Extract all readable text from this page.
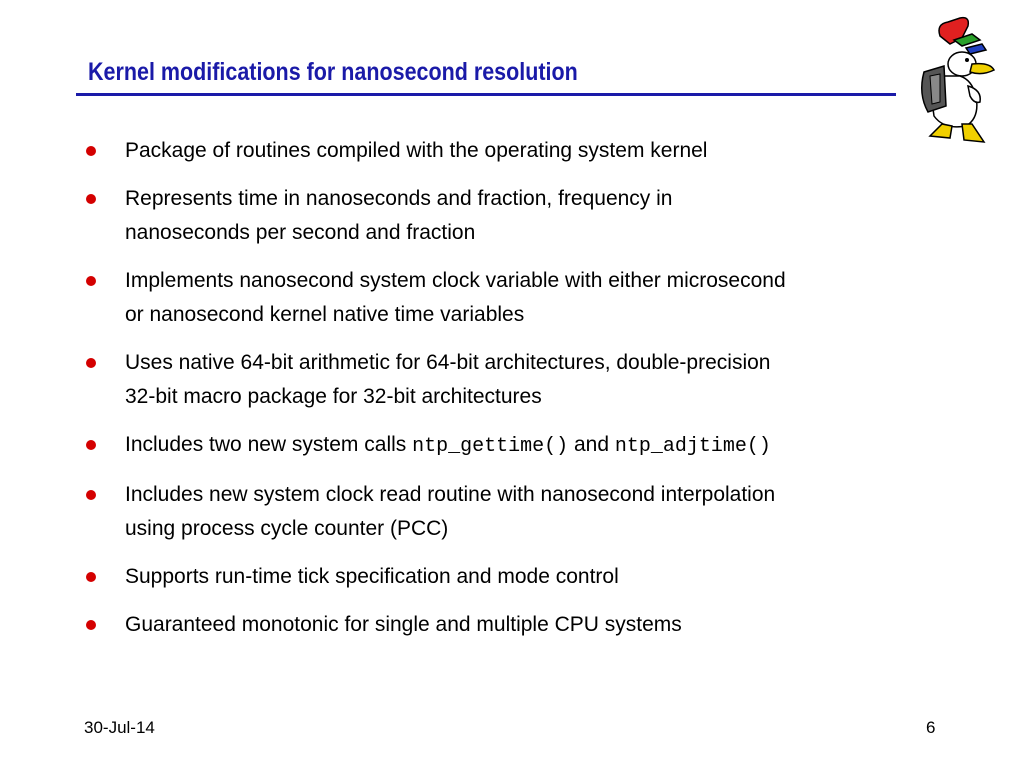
Kernel modifications for nanosecond resolution
Package of routines compiled with the operating system kernel
Represents time in nanoseconds and fraction, frequency in
nanoseconds per second and fraction
Implements nanosecond system clock variable with either microsecond
or nanosecond kernel native time variables
Uses native 64-bit arithmetic for 64-bit architectures, double-precision
32-bit macro package for 32-bit architectures
Includes two new system calls ntp_gettime() and ntp_adjtime()
Includes new system clock read routine with nanosecond interpolation
using process cycle counter (PCC)
Supports run-time tick specification and mode control
Guaranteed monotonic for single and multiple CPU systems
30-Jul-14	6
